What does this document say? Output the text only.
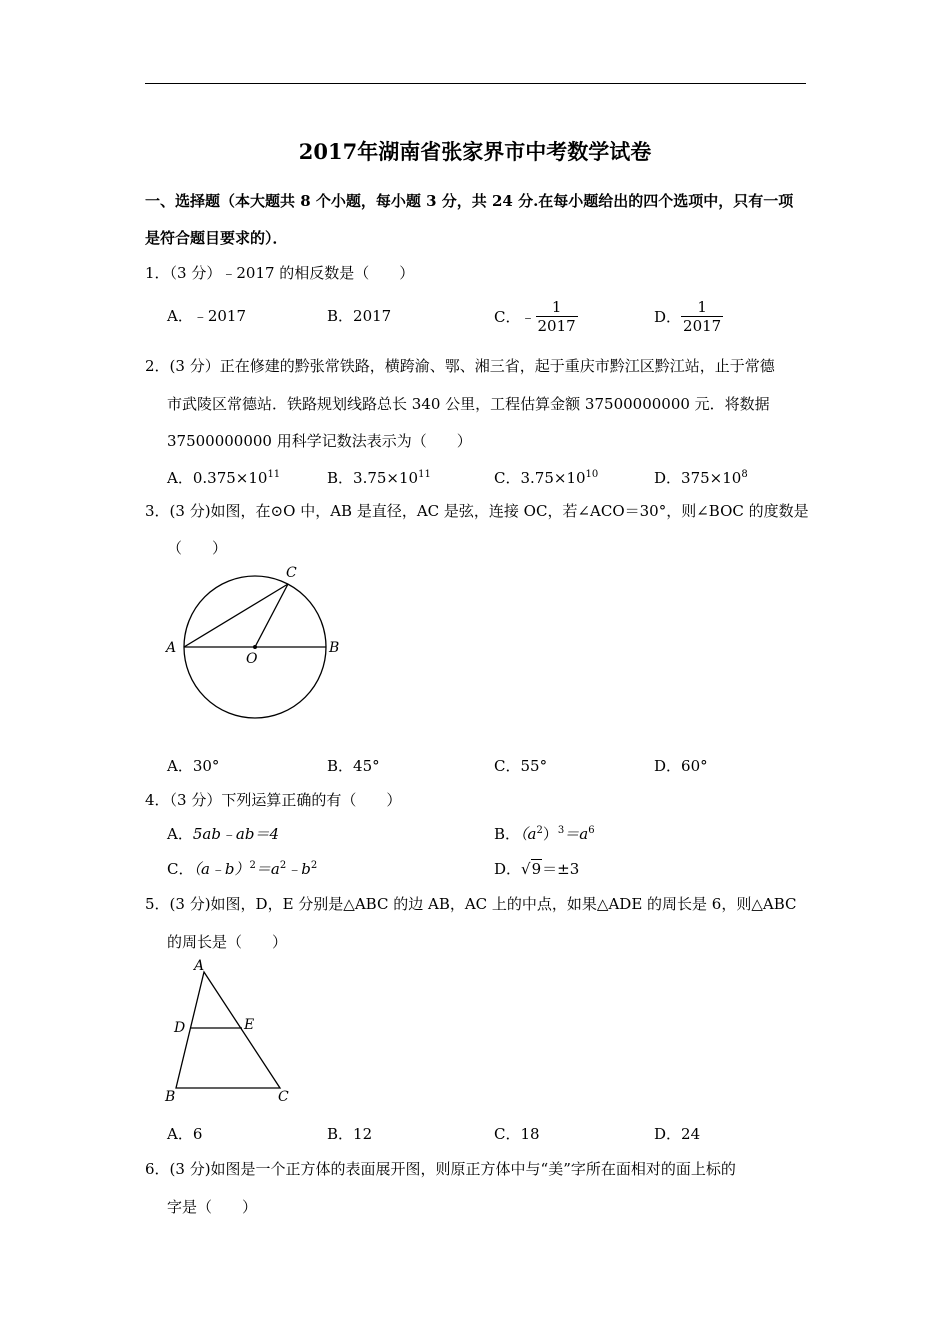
2017年湖南省张家界市中考数学试卷
一、选择题（本大题共 8 个小题，每小题 3 分，共 24 分.在每小题给出的四个选项中，只有一项
是符合题目要求的）．
1．（3 分）﹣2017 的相反数是（　　）
A．﹣2017	B．2017	C．﹣ $\frac{1}{2017}$	D． $\frac{1}{2017}$
2．(3 分）正在修建的黔张常铁路，横跨渝、鄂、湘三省，起于重庆市黔江区黔江站，止于常德
市武陵区常德站．铁路规划线路总长 340 公里，工程估算金额 37500000000 元．将数据
37500000000 用科学记数法表示为（　　）
A．$0.375\times 10^{11}$	B．$3.75\times 10^{11}$	C．$3.75\times 10^{10}$	D．$375\times 10^8$
3．(3 分)如图，在⊙O 中，AB 是直径，AC 是弦，连接 OC，若∠ACO＝30°，则∠BOC 的度数是
（　　）
A	B
C
O
A．30°	B．45°	C．55°	D．60°
4．（3 分）下列运算正确的有（　　）
A．5ab﹣ab＝4	B．$(a^2)^3=a^6$
C．$(a﹣b)^2=a^2﹣b^2$	D．√9＝±3
5．(3 分)如图，D，E 分别是△ABC 的边 AB，AC 上的中点，如果△ADE 的周长是 6，则△ABC
的周长是（　　）
A
D	E
B	C
A．6	B．12	C．18	D．24
6．(3 分)如图是一个正方体的表面展开图，则原正方体中与“美”字所在面相对的面上标的
字是（　　）
